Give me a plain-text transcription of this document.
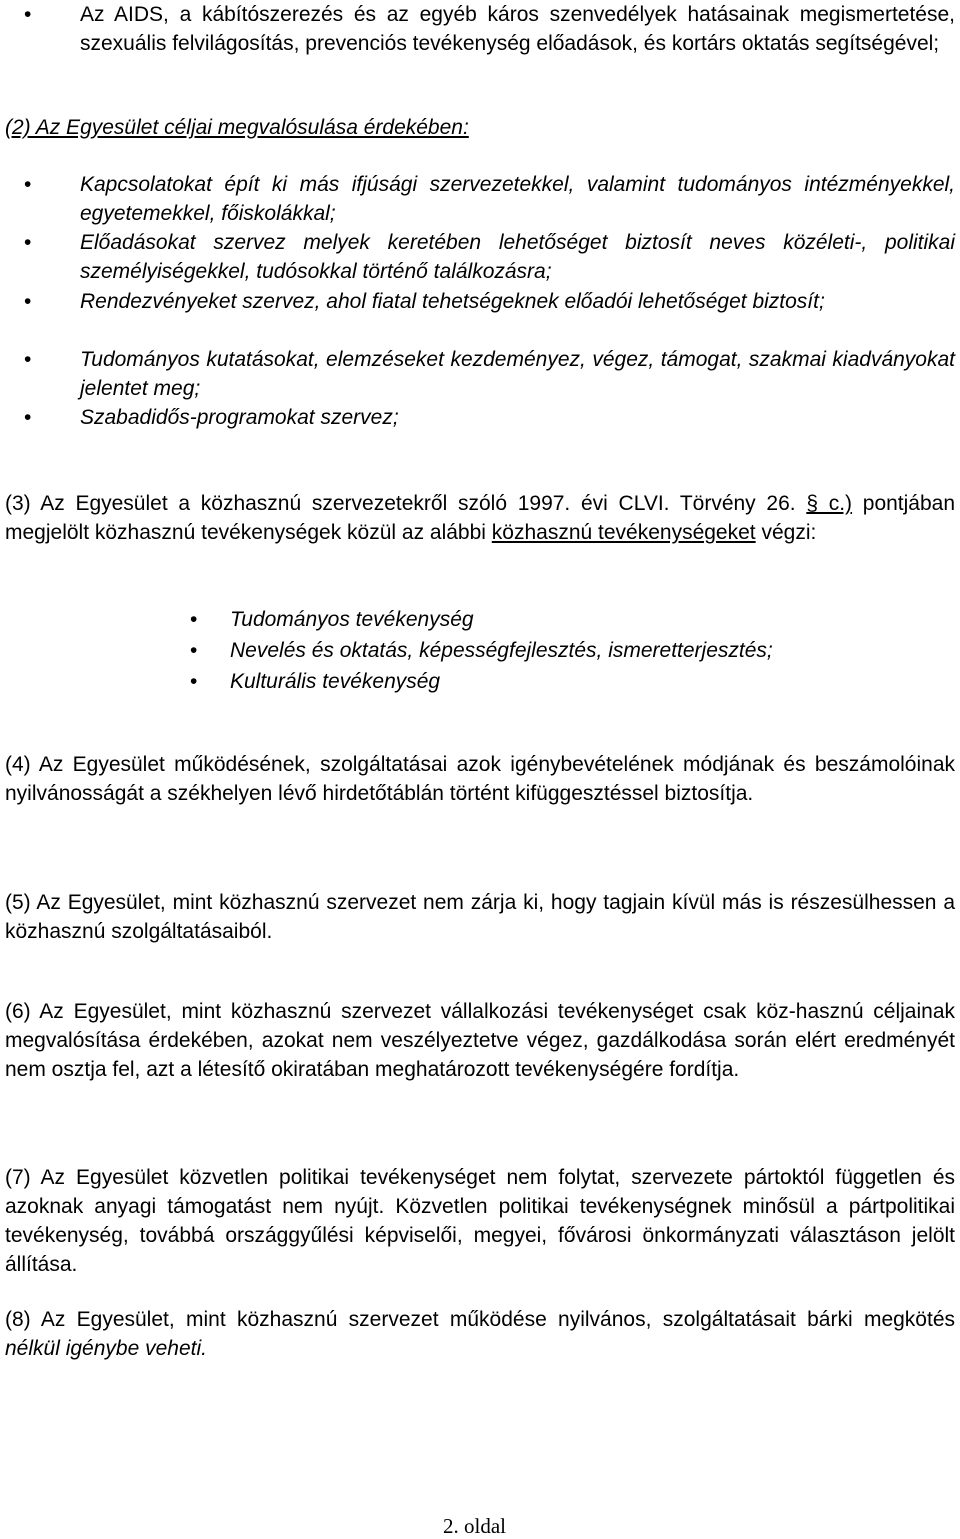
•	Az AIDS, a kábítószerezés és az egyéb káros szenvedélyek hatásainak megismertetése, szexuális felvilágosítás, prevenciós tevékenység előadások, és kortárs oktatás segítségével;
(2) Az Egyesület céljai megvalósulása érdekében:
•	Kapcsolatokat épít ki más ifjúsági szervezetekkel, valamint tudományos intézményekkel, egyetemekkel, főiskolákkal;
•	Előadásokat szervez melyek keretében lehetőséget biztosít neves közéleti-, politikai személyiségekkel, tudósokkal történő találkozásra;
•	Rendezvényeket szervez, ahol fiatal tehetségeknek előadói lehetőséget biztosít;
•	Tudományos kutatásokat, elemzéseket kezdeményez, végez, támogat, szakmai kiadványokat jelentet meg;
•	Szabadidős-programokat szervez;
(3) Az Egyesület a közhasznú szervezetekről szóló 1997. évi CLVI. Törvény 26. § c.) pontjában megjelölt közhasznú tevékenységek közül az alábbi közhasznú tevékenységeket végzi:
•	Tudományos tevékenység
•	Nevelés és oktatás, képességfejlesztés, ismeretterjesztés;
•	Kulturális tevékenység
(4) Az Egyesület működésének, szolgáltatásai azok igénybevételének módjának és beszámolóinak nyilvánosságát a székhelyen lévő hirdetőtáblán történt kifüggesztéssel biztosítja.
(5) Az Egyesület, mint közhasznú szervezet nem zárja ki, hogy tagjain kívül más is részesülhessen a közhasznú szolgáltatásaiból.
(6) Az Egyesület, mint közhasznú szervezet vállalkozási tevékenységet csak köz-hasznú céljainak megvalósítása érdekében, azokat nem veszélyeztetve végez, gazdálkodása során elért eredményét nem osztja fel, azt a létesítő okiratában meghatározott tevékenységére fordítja.
(7) Az Egyesület közvetlen politikai tevékenységet nem folytat, szervezete pártoktól független és azoknak anyagi támogatást nem nyújt. Közvetlen politikai tevékenységnek minősül a pártpolitikai tevékenység, továbbá országgyűlési képviselői, megyei, fővárosi önkormányzati választáson jelölt állítása.
(8) Az Egyesület, mint közhasznú szervezet működése nyilvános, szolgáltatásait bárki megkötés nélkül igénybe veheti.
2. oldal
